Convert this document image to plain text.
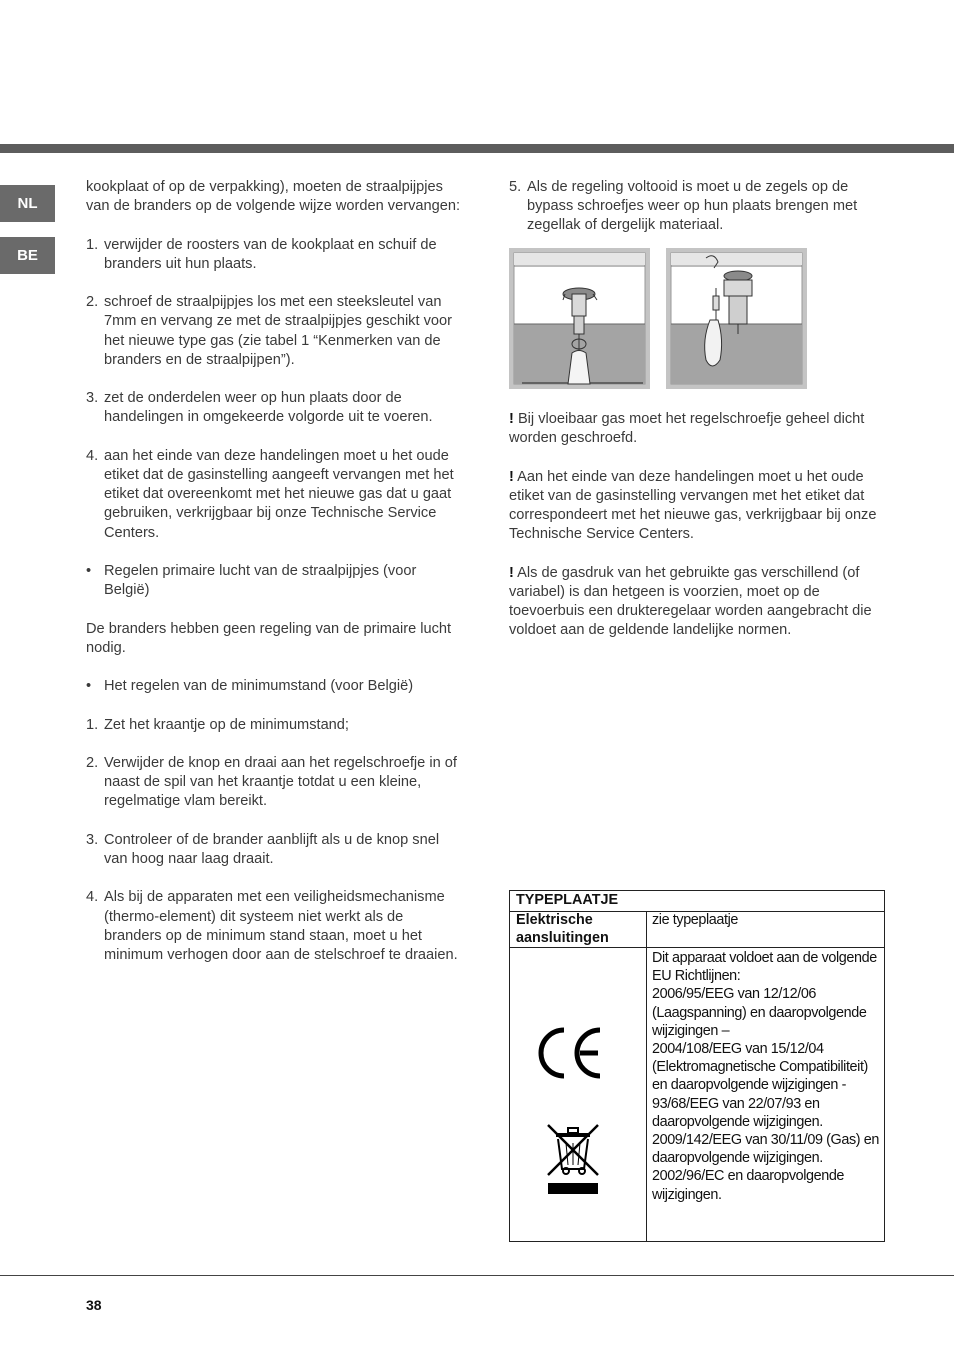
NL
BE

kookplaat of op de verpakking), moeten de straalpijpjes van de branders op de volgende wijze worden vervangen:

1. verwijder de roosters van de kookplaat en schuif de branders uit hun plaats.
2. schroef de straalpijpjes los met een steeksleutel van 7mm en vervang ze met de straalpijpjes geschikt voor het nieuwe type gas (zie tabel 1 “Kenmerken van de branders en de straalpijpen”).
3. zet de onderdelen weer op hun plaats door de handelingen in omgekeerde volgorde uit te voeren.
4. aan het einde van deze handelingen moet u het oude etiket dat de gasinstelling aangeeft vervangen met het etiket dat overeenkomt met het nieuwe gas dat u gaat gebruiken, verkrijgbaar bij onze Technische Service Centers.
• Regelen primaire lucht van de straalpijpjes (voor België)

De branders hebben geen regeling van de primaire lucht nodig.

• Het regelen van de minimumstand (voor België)
1. Zet het kraantje op de minimumstand;
2. Verwijder de knop en draai aan het regelschroefje in of naast de spil van het kraantje totdat u een kleine, regelmatige vlam bereikt.
3. Controleer of de brander aanblijft als u de knop snel van hoog naar laag draait.
4. Als bij de apparaten met een veiligheidsmechanisme (thermo-element) dit systeem niet werkt als de branders op de minimum stand staan, moet u het minimum verhogen door aan de stelschroef te draaien.
5. Als de regeling voltooid is moet u de zegels op de bypass schroefjes weer op hun plaats brengen met zegellak of dergelijk materiaal.

! Bij vloeibaar gas moet het regelschroefje geheel dicht worden geschroefd.

! Aan het einde van deze handelingen moet u het oude etiket van de gasinstelling vervangen met het etiket dat correspondeert met het nieuwe gas, verkrijgbaar bij onze Technische Service Centers.

! Als de gasdruk van het gebruikte gas verschillend (of variabel) is dan hetgeen is voorzien, moet op de toevoerbuis een drukteregelaar worden aangebracht die voldoet aan de geldende landelijke normen.

TYPEPLAATJE
Elektrische aansluitingen
zie typeplaatje
Dit apparaat voldoet aan de volgende EU Richtlijnen:
2006/95/EEG van 12/12/06 (Laagspanning) en daaropvolgende wijzigingen –
2004/108/EEG van 15/12/04 (Elektromagnetische Compatibiliteit) en daaropvolgende wijzigingen -
93/68/EEG van 22/07/93 en daaropvolgende wijzigingen.
2009/142/EEG van 30/11/09 (Gas) en daaropvolgende wijzigingen.
2002/96/EC en daaropvolgende wijzigingen.
38
